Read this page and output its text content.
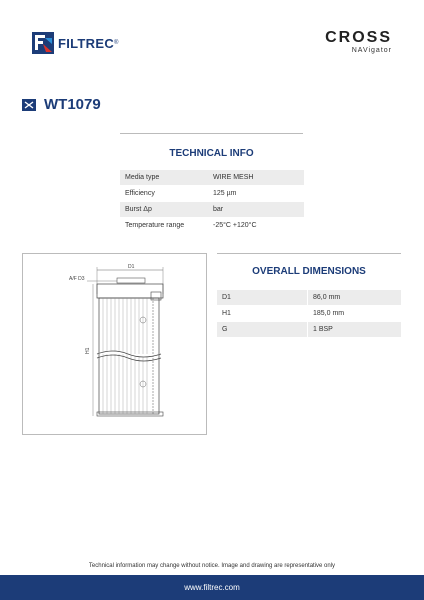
FILTREC ®	CROSS
NAVigator
WT1079
TECHNICAL INFO
Media type	WIRE MESH
Efficiency	125 µm
Burst Δp	bar
Temperature range	-25°C +120°C
D1
A/F D3
H1
OVERALL DIMENSIONS
D1	86,0 mm
H1	185,0 mm
G	1 BSP
Technical information may change without notice. Image and drawing are representative only
www.filtrec.com
